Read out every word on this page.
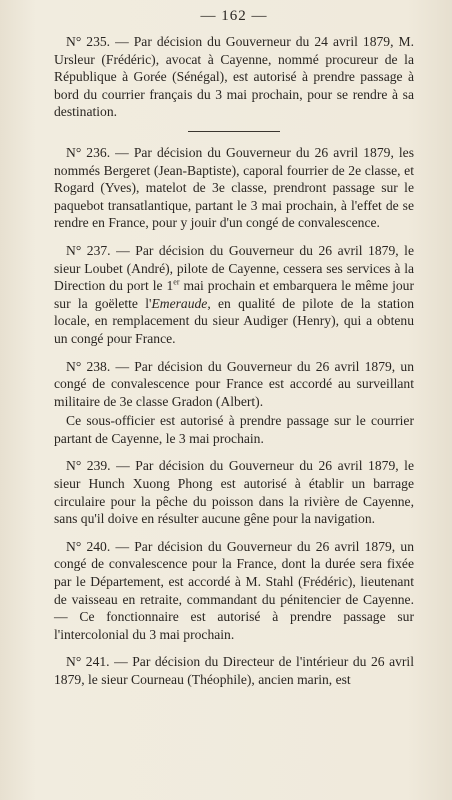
— 162 —

N° 235. — Par décision du Gouverneur du 24 avril 1879, M. Ursleur (Frédéric), avocat à Cayenne, nommé procureur de la République à Gorée (Sénégal), est autorisé à prendre passage à bord du courrier français du 3 mai prochain, pour se rendre à sa destination.

N° 236. — Par décision du Gouverneur du 26 avril 1879, les nommés Bergeret (Jean-Baptiste), caporal fourrier de 2e classe, et Rogard (Yves), matelot de 3e classe, prendront passage sur le paquebot transatlantique, partant le 3 mai prochain, à l'effet de se rendre en France, pour y jouir d'un congé de convalescence.

N° 237. — Par décision du Gouverneur du 26 avril 1879, le sieur Loubet (André), pilote de Cayenne, cessera ses services à la Direction du port le 1er mai prochain et embarquera le même jour sur la goëlette l'Emeraude, en qualité de pilote de la station locale, en remplacement du sieur Audiger (Henry), qui a obtenu un congé pour France.

N° 238. — Par décision du Gouverneur du 26 avril 1879, un congé de convalescence pour France est accordé au surveillant militaire de 3e classe Gradon (Albert).

Ce sous-officier est autorisé à prendre passage sur le courrier partant de Cayenne, le 3 mai prochain.

N° 239. — Par décision du Gouverneur du 26 avril 1879, le sieur Hunch Xuong Phong est autorisé à établir un barrage circulaire pour la pêche du poisson dans la rivière de Cayenne, sans qu'il doive en résulter aucune gêne pour la navigation.

N° 240. — Par décision du Gouverneur du 26 avril 1879, un congé de convalescence pour la France, dont la durée sera fixée par le Département, est accordé à M. Stahl (Frédéric), lieutenant de vaisseau en retraite, commandant du pénitencier de Cayenne. — Ce fonctionnaire est autorisé à prendre passage sur l'intercolonial du 3 mai prochain.

N° 241. — Par décision du Directeur de l'intérieur du 26 avril 1879, le sieur Courneau (Théophile), ancien marin, est
